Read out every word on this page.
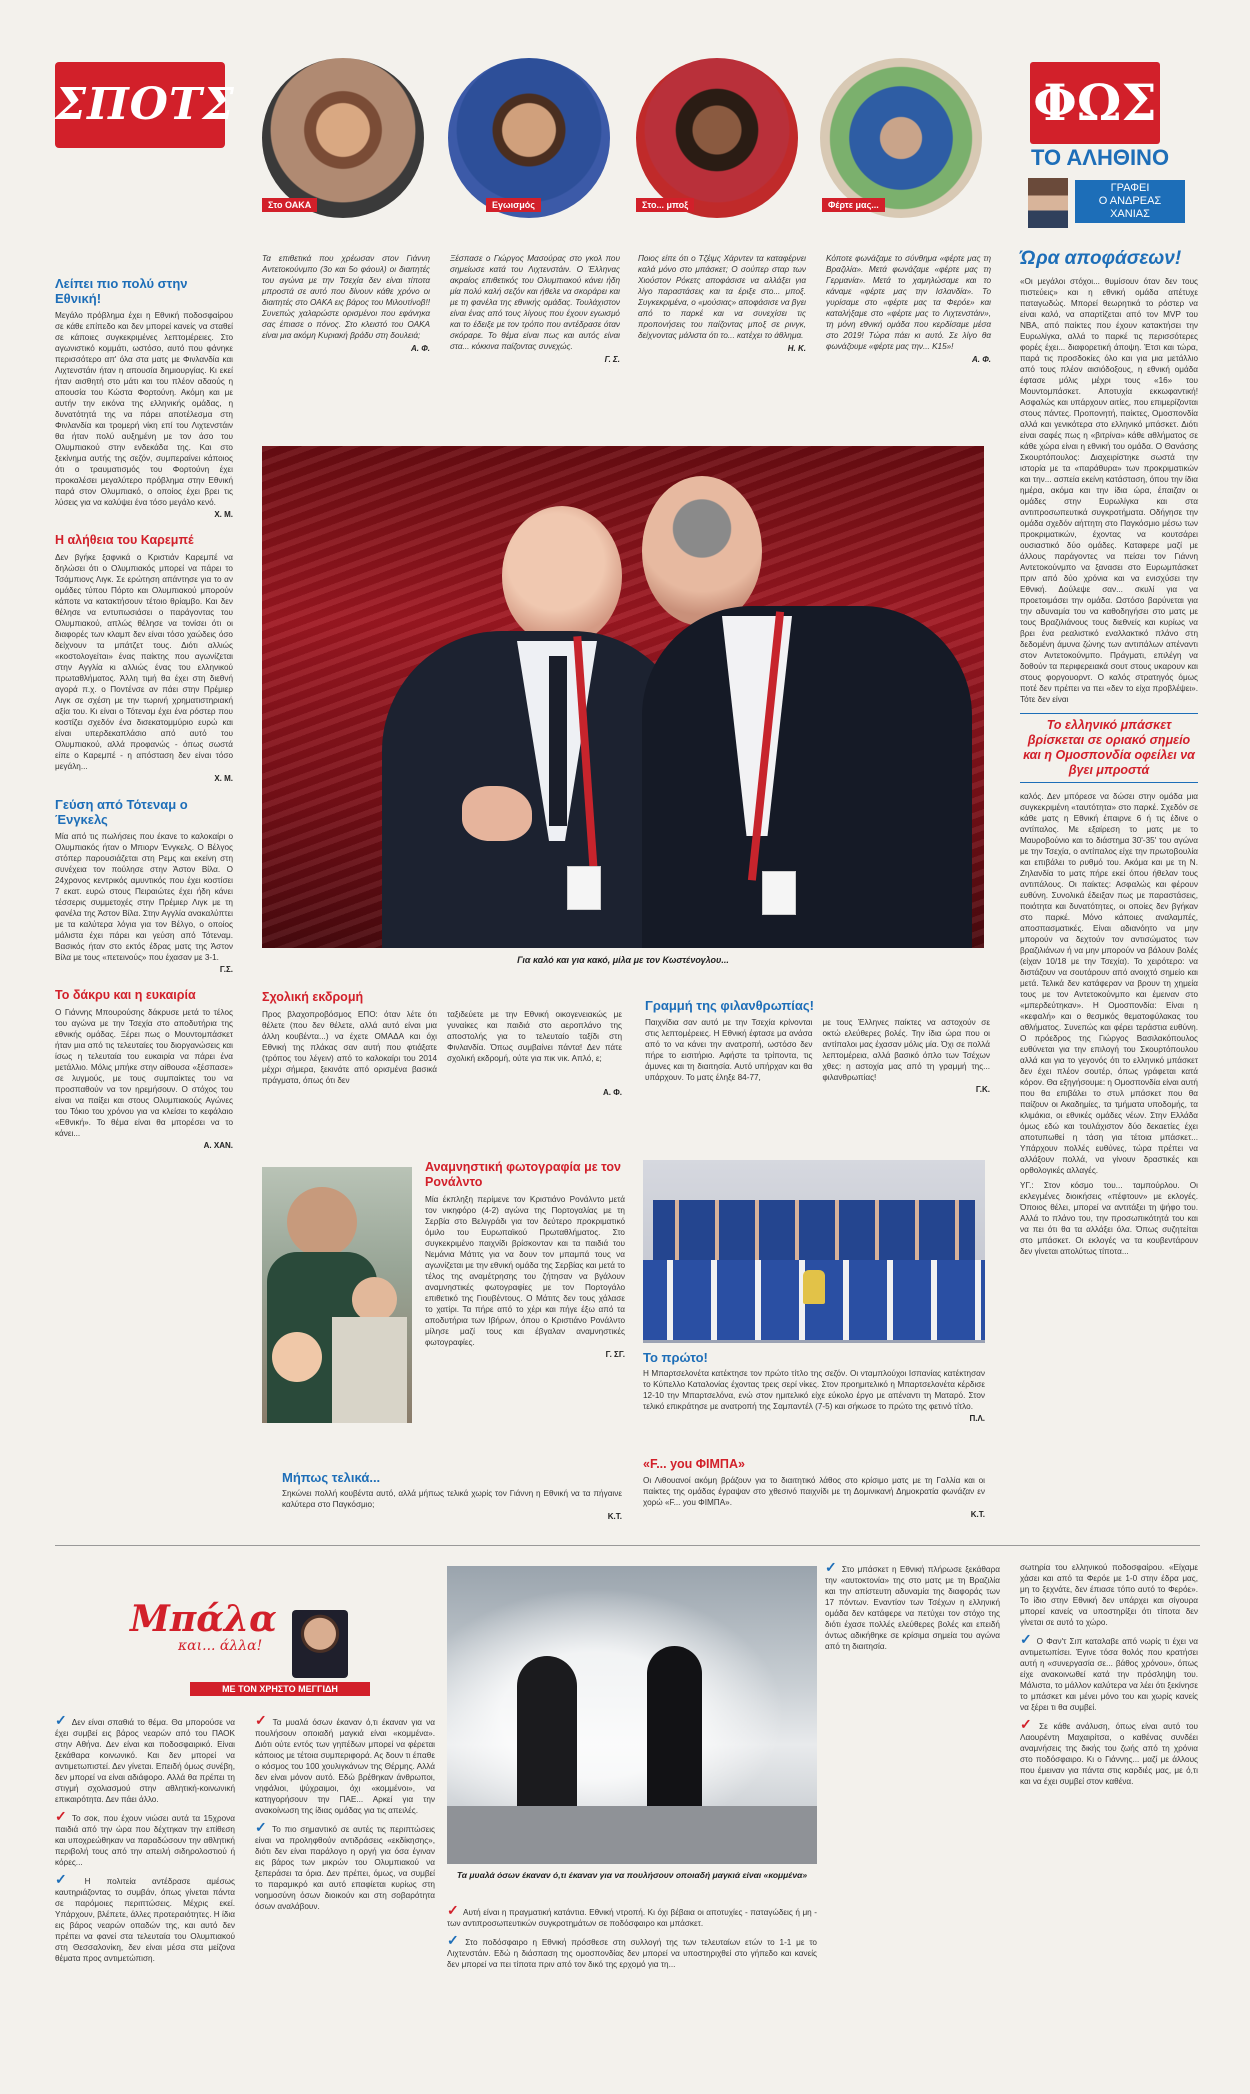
ΣΠΟΤΣ
Στο ΟΑΚΑ	Εγωισμός	Στο... μποξ	Φέρτε μας...
ΦΩΣ
ΤΟ ΑΛΗΘΙΝΟ
ΓΡΑΦΕΙ
Ο ΑΝΔΡΕΑΣ
ΧΑΝΙΑΣ
Τα επιθετικά που χρέωσαν στον Γιάννη Αντετοκούνμπο (3ο και 5ο φάουλ) οι διαιτητές του αγώνα με την Τσεχία δεν είναι τίποτα μπροστά σε αυτό που δίνουν κάθε χρόνο οι διαιτητές στο ΟΑΚΑ εις βάρος του Μιλουτίνοβ!! Συνεπώς χαλαρώστε ορισμένοι που εφάνηκα σας έπιασε ο πόνος. Στο κλειστό του ΟΑΚΑ είναι μια ακόμη Κυριακή βράδυ στη δουλειά;
Α. Φ.
Ξέσπασε ο Γιώργος Μασούρας στο γκολ που σημείωσε κατά του Λιχτενστάιν. Ο Έλληνας ακραίος επιθετικός του Ολυμπιακού κάνει ήδη μία πολύ καλή σεζόν και ήθελε να σκοράρει και με τη φανέλα της εθνικής ομάδας. Τουλάχιστον είναι ένας από τους λίγους που έχουν εγωισμό και το έδειξε με τον τρόπο που αντέδρασε όταν σκόραρε. Το θέμα είναι πως και αυτός είναι στα... κόκκινα παίζοντας συνεχώς.
Γ. Σ.
Ποιος είπε ότι ο Τζέιμς Χάρντεν τα καταφέρνει καλά μόνο στο μπάσκετ; Ο σούπερ σταρ των Χιούστον Ρόκετς αποφάσισε να αλλάξει για λίγο παραστάσεις και τα έριξε στο... μποξ. Συγκεκριμένα, ο «μούσιας» αποφάσισε να βγει από το παρκέ και να συνεχίσει τις προπονήσεις του παίζοντας μποξ σε ρινγκ, δείχνοντας μάλιστα ότι το... κατέχει το άθλημα.
Η. Κ.
Κόποτε φωνάζαμε το σύνθημα «φέρτε μας τη Βραζιλία». Μετά φωνάζαμε «φέρτε μας τη Γερμανία». Μετά το χαμηλώσαμε και το κάναμε «φέρτε μας την Ισλανδία». Το γυρίσαμε στο «φέρτε μας τα Φερόε» και καταλήξαμε στο «φέρτε μας το Λιχτενστάιν», τη μόνη εθνική ομάδα που κερδίσαμε μέσα στο 2019! Τώρα πάει κι αυτό. Σε λίγο θα φωνάζουμε «φέρτε μας την... Κ15»!
Α. Φ.
Λείπει πιο πολύ στην Εθνική!
Μεγάλο πρόβλημα έχει η Εθνική ποδοσφαίρου σε κάθε επίπεδο και δεν μπορεί κανείς να σταθεί σε κάποιες συγκεκριμένες λεπτομέρειες. Στο αγωνιστικό κομμάτι, ωστόσο, αυτό που φάνηκε περισσότερο απ' όλα στα ματς με Φινλανδία και Λιχτενστάιν ήταν η απουσία δημιουργίας. Κι εκεί ήταν αισθητή στο μάτι και του πλέον αδαούς η απουσία του Κώστα Φορτούνη. Ακόμη και με αυτήν την εικόνα της ελληνικής ομάδας, η δυνατότητά της να πάρει αποτέλεσμα στη Φινλανδία και τρομερή νίκη επί του Λιχτενστάιν θα ήταν πολύ αυξημένη με τον άσο του Ολυμπιακού στην ενδεκάδα της. Και στο ξεκίνημα αυτής της σεζόν, συμπεραίνει κάποιος ότι ο τραυματισμός του Φορτούνη έχει προκαλέσει μεγαλύτερο πρόβλημα στην Εθνική παρά στον Ολυμπιακό, ο οποίος έχει βρει τις λύσεις για να καλύψει ένα τόσο μεγάλο κενό.
Χ. Μ.
Η αλήθεια του Καρεμπέ
Δεν βγήκε ξαφνικά ο Κριστιάν Καρεμπέ να δηλώσει ότι ο Ολυμπιακός μπορεί να πάρει το Τσάμπιονς Λιγκ. Σε ερώτηση απάντησε για το αν ομάδες τύπου Πόρτο και Ολυμπιακού μπορούν κάποτε να κατακτήσουν τέτοιο θρίαμβο. Και δεν θέλησε να εντυπωσιάσει ο παράγοντας του Ολυμπιακού, απλώς θέλησε να τονίσει ότι οι διαφορές των κλαμπ δεν είναι τόσο χαώδεις όσο δείχνουν τα μπάτζετ τους. Διότι αλλιώς «κοστολογείται» ένας παίκτης που αγωνίζεται στην Αγγλία κι αλλιώς ένας του ελληνικού πρωταθλήματος. Άλλη τιμή θα έχει στη διεθνή αγορά π.χ. ο Ποντένσε αν πάει στην Πρέμιερ Λιγκ σε σχέση με την τωρινή χρηματιστηριακή αξία του. Κι είναι ο Τότεναμ έχει ένα ρόστερ που κοστίζει σχεδόν ένα δισεκατομμύριο ευρώ και είναι υπερδεκαπλάσιο από αυτό του Ολυμπιακού, αλλά προφανώς - όπως σωστά είπε ο Καρεμπέ - η απόσταση δεν είναι τόσο μεγάλη...
Χ. Μ.
Γεύση από Τότεναμ ο Ένγκελς
Μία από τις πωλήσεις που έκανε το καλοκαίρι ο Ολυμπιακός ήταν ο Μπιορν Ένγκελς. Ο Βέλγος στόπερ παρουσιάζεται στη Ρεμς και εκείνη στη συνέχεια τον πούλησε στην Άστον Βίλα. Ο 24χρονος κεντρικός αμυντικός που έχει κοστίσει 7 εκατ. ευρώ στους Πειραιώτες έχει ήδη κάνει τέσσερις συμμετοχές στην Πρέμιερ Λιγκ με τη φανέλα της Άστον Βίλα. Στην Αγγλία ανακαλύπτει με τα καλύτερα λόγια για τον Βέλγο, ο οποίος μάλιστα έχει πάρει και γεύση από Τότεναμ. Βασικός ήταν στο εκτός έδρας ματς της Άστον Βίλα με τους «πετεινούς» που έχασαν με 3-1.
Γ.Σ.
Το δάκρυ και η ευκαιρία
Ο Γιάννης Μπουρούσης δάκρυσε μετά το τέλος του αγώνα με την Τσεχία στο αποδυτήρια της εθνικής ομάδας. Ξέρει πως ο Μουντομπάσκετ ήταν μια από τις τελευταίες του διοργανώσεις και ίσως η τελευταία του ευκαιρία να πάρει ένα μετάλλιο. Μόλις μπήκε στην αίθουσα «ξέσπασε» σε λυγμούς, με τους συμπαίκτες του να προσπαθούν να τον ηρεμήσουν. Ο στόχος του είναι να παίξει και στους Ολυμπιακούς Αγώνες του Τόκιο του χρόνου για να κλείσει το κεφάλαιο «Εθνική». Το θέμα είναι θα μπορέσει να το κάνει...
Α. ΧΑΝ.
Για καλό και για κακό, μίλα με τον Κωστένογλου...
Σχολική εκδρομή
Προς βλαχοπροβόσμος ΕΠΟ: όταν λέτε ότι θέλετε (που δεν θέλετε, αλλά αυτό είναι μια άλλη κουβέντα...) να έχετε ΟΜΑΔΑ και όχι Εθνική της πλάκας σαν αυτή που φτιάξατε (τρόπος του λέγειν) από το καλοκαίρι του 2014 μέχρι σήμερα, ξεκινάτε από ορισμένα βασικά πράγματα, όπως ότι δεν
ταξιδεύετε με την Εθνική οικογενειακώς με γυναίκες και παιδιά στο αεροπλάνο της αποστολής για το τελευταίο ταξίδι στη Φινλανδία. Όπως συμβαίνει πάντα! Δεν πάτε σχολική εκδρομή, ούτε για πικ νικ. Απλό, ε;
Α. Φ.
Γραμμή της φιλανθρωπίας!
Παιχνίδια σαν αυτό με την Τσεχία κρίνονται στις λεπτομέρειες. Η Εθνική έφτασε μα ανάσα από το να κάνει την ανατροπή, ωστόσο δεν πήρε το εισιτήριο. Αφήστε τα τρίποντα, τις άμυνες και τη διαιτησία. Αυτό υπήρχαν και θα υπάρχουν. Το ματς έληξε 84-77,
με τους Έλληνες παίκτες να αστοχούν σε οκτώ ελεύθερες βολές. Την ίδια ώρα που οι αντίπαλοι μας έχασαν μόλις μία. Όχι σε πολλά λεπτομέρεια, αλλά βασικό όπλο των Τσέχων χθες: η αστοχία μας από τη γραμμή της... φιλανθρωπίας!
Γ.Κ.
Αναμνηστική φωτογραφία με τον Ρονάλντο
Μία έκπληξη περίμενε τον Κριστιάνο Ρονάλντο μετά τον νικηφόρο (4-2) αγώνα της Πορτογαλίας με τη Σερβία στο Βελιγράδι για τον δεύτερο προκριματικό όμιλο του Ευρωπαϊκού Πρωταθλήματος. Στο συγκεκριμένο παιχνίδι βρίσκονταν και τα παιδιά του Νεμάνια Μάτιτς για να δουν τον μπαμπά τους να αγωνίζεται με την εθνική ομάδα της Σερβίας και μετά το τέλος της αναμέτρησης του ζήτησαν να βγάλουν αναμνηστικές φωτογραφίες με τον Πορτογάλο επιθετικό της Γιουβέντους. Ο Μάτιτς δεν τους χάλασε το χατίρι. Τα πήρε από το χέρι και πήγε έξω από τα αποδυτήρια των Ιβήρων, όπου ο Κριστιάνο Ρονάλντο μίλησε μαζί τους και έβγαλαν αναμνηστικές φωτογραφίες.
Γ. ΣΓ. Το πρώτο!
Η Μπαρτσελονέτα κατέκτησε τον πρώτο τίτλο της σεζόν. Οι νταμπλούχοι Ισπανίας κατέκτησαν το Κύπελλο Καταλονίας έχοντας τρεις σερί νίκες. Στον προημιτελικό η Μπαρτσελονέτα κέρδισε 12-10 την Μπαρτσελόνα, ενώ στον ημιτελικό είχε εύκολο έργο με απέναντι τη Ματαρό. Στον τελικό επικράτησε με ανατροπή της Σαμπαντέλ (7-5) και σήκωσε το πρώτο της φετινό τίτλο.
Π.Λ.
Μήπως τελικά...
Σηκώνει πολλή κουβέντα αυτό, αλλά μήπως τελικά χωρίς τον Γιάννη η Εθνική να τα πήγαινε καλύτερα στο Παγκόσμιο;
Κ.Τ.
«F... you ΦΙΜΠΑ»
Οι Λιθουανοί ακόμη βράζουν για το διαιτητικό λάθος στο κρίσιμο ματς με τη Γαλλία και οι παίκτες της ομάδας έγραψαν στο χθεσινό παιχνίδι με τη Δομινικανή Δημοκρατία φωνάζαν εν χορώ «F... you ΦΙΜΠΑ».
Κ.Τ.
Ώρα αποφάσεων!
«Οι μεγάλοι στόχοι... θυμίσουν όταν δεν τους πιστεύεις» και η εθνική ομάδα απέτυχε παταγωδώς. Μπορεί θεωρητικά το ρόστερ να είναι καλό, να απαρτίζεται από τον MVP του NBA, από παίκτες που έχουν κατακτήσει την Ευρωλίγκα, αλλά το παρκέ τις περισσότερες φορές έχει... διαφορετική άποψη. Έτσι και τώρα, παρά τις προσδοκίες όλο και για μια μετάλλιο από τους πλέον αισιόδοξους, η εθνική ομάδα έφτασε μόλις μέχρι τους «16» του Μουντομπάσκετ. Αποτυχία εκκωφαντική! Ασφαλώς και υπάρχουν αιτίες, που επιμερίζονται στους πάντες. Προπονητή, παίκτες, Ομοσπονδία αλλά και γενικότερα στο ελληνικό μπάσκετ. Διότι είναι σαφές πως η «βιτρίνα» κάθε αθλήματος σε κάθε χώρα είναι η εθνική του ομάδα. Ο Θανάσης Σκουρτόπουλος: Διαχειρίστηκε σωστά την ιστορία με τα «παράθυρα» των προκριματικών και την... ασπεία εκείνη κατάσταση, όπου την ίδια ημέρα, ακόμα και την ίδια ώρα, έπαιζαν οι ομάδες στην Ευρωλίγκα και στα αντιπροσωπευτικά συγκροτήματα. Οδήγησε την ομάδα σχεδόν αήττητη στο Παγκόσμιο μέσω των προκριματικών, έχοντας να κουτσάρει ουσιαστικό δύο ομάδες. Καταφερε μαζί με άλλους παράγοντες να πείσει τον Γιάννη Αντετοκούνμπο να ξανασει στο Ευρωμπάσκετ πριν από δύο χρόνια και να ενισχύσει την Εθνική. Δούλεψε σαν... σκυλί για να προετοιμάσει την ομάδα. Ωστόσο βαρύνεται για την αδυναμία του να καθοδηγήσει στο ματς με τους Βραζιλιάνους τους διεθνείς και κυρίως να βρει ένα ρεαλιστικό εναλλακτικό πλάνο στη δεδομένη άμυνα ζώνης των αντιπάλων απέναντι στον Αντετοκούνμπο. Πράγματι, επιλέγη να δοθούν τα περιφερειακά σουτ στους υκαρουν και στους φοργουορντ. Ο καλός στρατηγός όμως ποτέ δεν πρέπει να πει «δεν το είχα προβλέψει». Τότε δεν είναι
Το ελληνικό μπάσκετ βρίσκεται σε οριακό σημείο και η Ομοσπονδία οφείλει να βγει μπροστά
καλός. Δεν μπόρεσε να δώσει στην ομάδα μια συγκεκριμένη «ταυτότητα» στο παρκέ. Σχεδόν σε κάθε ματς η Εθνική έπαιρνε 6 ή τις έδινε ο αντίπαλος. Με εξαίρεση το ματς με το Μαυροβούνιο και το διάστημα 30'-35' του αγώνα με την Τσεχία, ο αντίπαλος είχε την πρωτοβουλία και επιβάλει το ρυθμό του. Ακόμα και με τη Ν. Ζηλανδία το ματς πήρε εκεί όπου ήθελαν τους αντιπάλους. Οι παίκτες: Ασφαλώς και φέρουν ευθύνη. Συνολικά έδειξαν πως με παραστάσεις, ποιότητα και δυνατότητες, οι οποίες δεν βγήκαν στο παρκέ. Μόνο κάποιες αναλαμπές, αποσπασματικές. Είναι αδιανόητο να μην μπορούν να δεχτούν τον αντισώματος των βραζιλιάνων ή να μην μπορούν να βάλουν βολές (είχαν 10/18 με την Τσεχία). Το χειρότερο: να διστάζουν να σουτάρουν από ανοιχτό σημείο και μετά. Τελικά δεν κατάφεραν να βρουν τη χημεία τους με τον Αντετοκούνμπο και έμειναν στο «μπερδεύτηκαν». Η Ομοσπονδία: Είναι η «κεφαλή» και ο θεσμικός θεματοφύλακας του αθλήματος. Συνεπώς και φέρει τεράστια ευθύνη. Ο πρόεδρος της Γιώργος Βασιλακόπουλος ευθύνεται για την επιλογή του Σκουρτόπουλου αλλά και για το γεγονός ότι το ελληνικό μπάσκετ δεν έχει πλέον σουτέρ, όπως γράφεται κατά κόρον. Θα εξηγήσουμε: η Ομοσπονδία είναι αυτή που θα επιβάλει το στυλ μπάσκετ που θα παίζουν οι Ακαδημίες, τα τμήματα υποδομής, τα κλιμάκια, οι εθνικές ομάδες νέων. Στην Ελλάδα όμως εδώ και τουλάχιστον δύο δεκαετίες έχει αποτυπωθεί η τάση για τέτοια μπάσκετ... Υπάρχουν πολλές ευθύνες, τώρα πρέπει να αλλάξουν πολλά, να γίνουν δραστικές και ορθολογικές αλλαγές.
ΥΓ.: Στον κόσμο του... ταμπούρλου. Οι εκλεγμένες διοικήσεις «πέφτουν» με εκλογές. Όποιος θέλει, μπορεί να αντιτάξει τη ψήφο του. Αλλά το πλάνο του, την προσωπικότητά του και να πει ότι θα τα αλλάξει όλα. Όπως συζητείται στο μπάσκετ. Οι εκλογές να τα κουβεντάρουν δεν γίνεται απολύτως τίποτα...
Μπάλα
και... άλλα!
ΜΕ ΤΟΝ ΧΡΗΣΤΟ ΜΕΓΓΙΔΗ
Τα μυαλά όσων έκαναν ό,τι έκαναν για να πουλήσουν οποιαδή μαγκιά είναι «κομμένα»
✓ Δεν είναι σπαθιά το θέμα. Θα μπορούσε να έχει συμβεί εις βάρος νεαρών από του ΠΑΟΚ στην Αθήνα. Δεν είναι και ποδοσφαιρικό. Είναι ξεκάθαρα κοινωνικό. Και δεν μπορεί να αντιμετωπιστεί. Δεν γίνεται. Επειδή όμως συνέβη, δεν μπορεί να είναι αδιάφορο. Αλλά θα πρέπει τη στιγμή σχολιασμού στην αθλητική-κοινωνική επικαιρότητα. Δεν πάει άλλο.
✓ Το σοκ, που έχουν νιώσει αυτά τα 15χρονα παιδιά από την ώρα που δέχτηκαν την επίθεση και υποχρεώθηκαν να παραδώσουν την αθλητική περιβολή τους από την απειλή σιδηρολοστιού ή κόρες...
✓ Η πολιτεία αντέδρασε αμέσως καυτηριάζοντας το συμβάν, όπως γίνεται πάντα σε παρόμοιες περιπτώσεις. Μέχρις εκεί. Υπάρχουν, βλέπετε, άλλες προτεραιότητες. Η ίδια εις βάρος νεαρών οπαδών της, και αυτό δεν πρέπει να φανεί στα τελευταία του Ολυμπιακού στη Θεσσαλονίκη, δεν είναι μέσα στα μείζονα θέματα προς αντιμετώπιση.
✓ Τα μυαλά όσων έκαναν ό,τι έκαναν για να πουλήσουν οποιαδή μαγκιά είναι «κομμένα». Διότι ούτε εντός των γηπέδων μπορεί να φέρεται κάποιος με τέτοια συμπεριφορά. Ας δουν τι έπαθε ο κόσμος του 100 χουλιγκάνων της Θέρμης. Αλλά δεν είναι μόνον αυτό. Εδώ βρέθηκαν άνθρωποι, νηφάλιοι, ψύχραιμοι, όχι «κομμένοι», να κατηγορήσουν την ΠΑΕ... Αρκεί για την ανακοίνωση της ίδιας ομάδας για τις απειλές.
✓ Το πιο σημαντικό σε αυτές τις περιπτώσεις είναι να προληφθούν αντιδράσεις «εκδίκησης», διότι δεν είναι παράλογο η οργή για όσα έγιναν εις βάρος των μικρών του Ολυμπιακού να ξεπεράσει τα όρια. Δεν πρέπει, όμως, να συμβεί το παραμικρό και αυτό επαφίεται κυρίως στη νοημοσύνη όσων διοικούν και στη σοβαρότητα όσων αναλάβουν.
✓ Στο μπάσκετ η Εθνική πλήρωσε ξεκάθαρα την «αυτοκτονία» της στο ματς με τη Βραζιλία και την απίστευτη αδυναμία της διαφοράς των 17 πόντων. Εναντίον των Τσέχων η ελληνική ομάδα δεν κατάφερε να πετύχει τον στόχο της διότι έχασε πολλές ελεύθερες βολές και επειδή όντως αδικήθηκε σε κρίσιμα σημεία του αγώνα από τη διαιτησία.
✓ Αυτή είναι η πραγματική κατάντια. Εθνική ντροπή. Κι όχι βέβαια οι αποτυχίες - παταγώδεις ή μη - των αντιπροσωπευτικών συγκροτημάτων σε ποδόσφαιρο και μπάσκετ.
✓ Στο ποδόσφαιρο η Εθνική πρόσθεσε στη συλλογή της των τελευταίων ετών το 1-1 με το Λιχτενστάιν. Εδώ η διάσπαση της ομοσπονδίας δεν μπορεί να υποστηριχθεί στο γήπεδο και κανείς δεν μπορεί να πει τίποτα πριν από τον δικό της ερχομό για τη...
σωτηρία του ελληνικού ποδοσφαίρου. «Είχαμε χάσει και από τα Φερόε με 1-0 στην έδρα μας, μη το ξεχνάτε, δεν έπιασε τόπο αυτό το Φερόε». Το ίδιο στην Εθνική δεν υπάρχει και σίγουρα μπορεί κανείς να υποστηρίξει ότι τίποτα δεν γίνεται σε αυτό το χώρο.
✓ Ο Φαν'τ Σιπ καταλαβε από νωρίς τι έχει να αντιμετωπίσει. Έγινε τόσα θολός που κρατήσει αυτή η «συνεργασία σε... βάθος χρόνου», όπως είχε ανακοινωθεί κατά την πρόσληψη του. Μάλιστα, το μάλλον καλύτερα να λέει ότι ξεκίνησε το μπάσκετ και μένει μόνο του και χωρίς κανείς να ξέρει τι θα συμβεί.
✓ Σε κάθε ανάλυση, όπως είναι αυτό του Λαουρέντη Μαχαιρίτσα, ο καθένας συνδέει αναμνήσεις της δικής του ζωής από τη χρόνια στο ποδόσφαιρο. Κι ο Γιάννης... μαζί με άλλους που έμειναν για πάντα στις καρδιές μας, με ό,τι και να έχει συμβεί στον καθένα.
